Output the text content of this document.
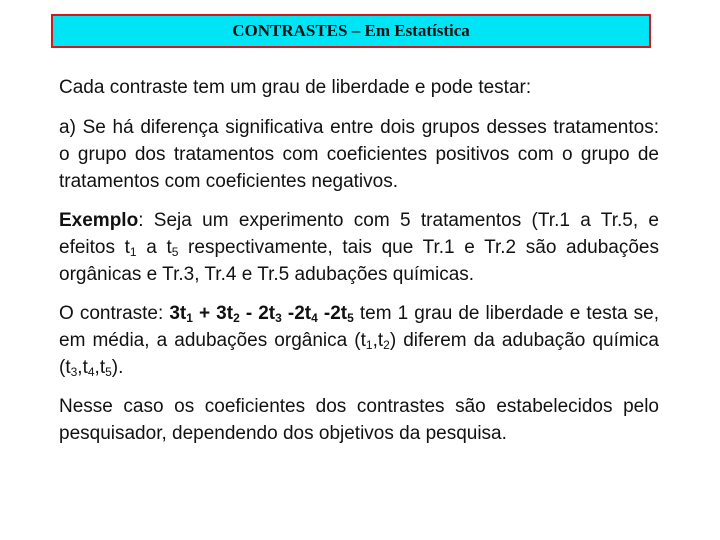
CONTRASTES – Em Estatística

Cada contraste tem um grau de liberdade e pode testar:

a) Se há diferença significativa entre dois grupos desses tratamentos: o grupo dos tratamentos com coeficientes positivos com o grupo de tratamentos com coeficientes negativos.

Exemplo: Seja um experimento com 5 tratamentos (Tr.1 a Tr.5, e efeitos $t_1$ a $t_5$ respectivamente, tais que Tr.1 e Tr.2 são adubações orgânicas e Tr.3, Tr.4 e Tr.5 adubações químicas.

O contraste: $3t_1 + 3t_2 - 2t_3$ $-2t_4$ $-2t_5$ tem 1 grau de liberdade e testa se, em média, a adubações orgânica $(t_1,t_2)$ diferem da adubação química $(t_3,t_4,t_5)$.

Nesse caso os coeficientes dos contrastes são estabelecidos pelo pesquisador, dependendo dos objetivos da pesquisa.
